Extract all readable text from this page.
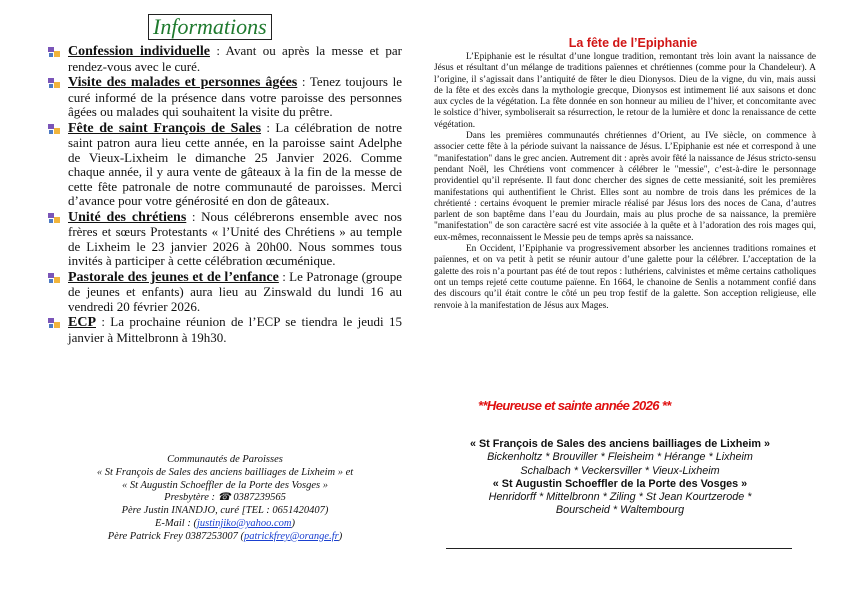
Informations
Confession individuelle : Avant ou après la messe et par rendez-vous avec le curé.
Visite des malades et personnes âgées : Tenez toujours le curé informé de la présence dans votre paroisse des personnes âgées ou malades qui souhaitent la visite du prêtre.
Fête de saint François de Sales : La célébration de notre saint patron aura lieu cette année, en la paroisse saint Adelphe de Vieux-Lixheim le dimanche 25 Janvier 2026. Comme chaque année, il y aura vente de gâteaux à la fin de la messe de cette fête patronale de notre communauté de paroisses. Merci d’avance pour votre générosité en don de gâteaux.
Unité des chrétiens : Nous célébrerons ensemble avec nos frères et sœurs Protestants « l’Unité des Chrétiens » au temple de Lixheim le 23 janvier 2026 à 20h00. Nous sommes tous invités à participer à cette célébration œcuménique.
Pastorale des jeunes et de l’enfance : Le Patronage (groupe de jeunes et enfants) aura lieu au Zinswald du lundi 16 au vendredi 20 février 2026.
ECP : La prochaine réunion de l’ECP se tiendra le jeudi 15 janvier à Mittelbronn à 19h30.
Communautés de Paroisses
« St François de Sales des anciens bailliages de Lixheim » et
« St Augustin Schoeffler de la Porte des Vosges »
Presbytère : ☎ 0387239565
Père Justin INANDJO, curé [TEL : 0651420407)
E-Mail : (justinjiko@yahoo.com)
Père Patrick Frey 0387253007 (patrickfrey@orange.fr)
La fête de l’Epiphanie

L’Epiphanie est le résultat d’une longue tradition, remontant très loin avant la naissance de Jésus et résultant d’un mélange de traditions païennes et chrétiennes (comme pour la Chandeleur). A l’origine, il s’agissait dans l’antiquité de fêter le dieu Dionysos. Dieu de la vigne, du vin, mais aussi de la fête et des excès dans la mythologie grecque, Dionysos est intimement lié aux saisons et donc aux cycles de la végétation. La fête donnée en son honneur au milieu de l’hiver, et concomitante avec le solstice d’hiver, symboliserait sa résurrection, le retour de la lumière et donc la renaissance de cette végétation.

Dans les premières communautés chrétiennes d’Orient, au IVe siècle, on commence à associer cette fête à la période suivant la naissance de Jésus. L’Epiphanie est née et correspond à une "manifestation" dans le grec ancien. Autrement dit : après avoir fêté la naissance de Jésus stricto-sensu pendant Noël, les Chrétiens vont commencer à célébrer le "messie", c’est-à-dire le personnage providentiel qu’il représente. Il faut donc chercher des signes de cette messianité, soit les premières manifestations qui authentifient le Christ. Elles sont au nombre de trois dans les prémices de la chrétienté : certains évoquent le premier miracle réalisé par Jésus lors des noces de Cana, d’autres parlent de son baptême dans l’eau du Jourdain, mais au plus proche de sa naissance, la première "manifestation" de son caractère sacré est vite associée à la quête et à l’adoration des rois mages qui, eux-mêmes, reconnaissent le Messie peu de temps après sa naissance.

En Occident, l’Epiphanie va progressivement absorber les anciennes traditions romaines et païennes, et on va petit à petit se réunir autour d’une galette pour la célébrer. L’acceptation de la galette des rois n’a pourtant pas été de tout repos : luthériens, calvinistes et même certains catholiques ont un temps rejeté cette coutume païenne. En 1664, le chanoine de Senlis a notamment confié dans des discours qu’il était contre le côté un peu trop festif de la galette. Son acception religieuse, elle renvoie à la manifestation de Jésus aux Mages.

**Heureuse et sainte année 2026 **
« St François de Sales des anciens bailliages de Lixheim »
Bickenholtz * Brouviller * Fleisheim * Hérange * Lixheim
Schalbach * Veckersviller * Vieux-Lixheim
« St Augustin Schoeffler de la Porte des Vosges »
Henridorff * Mittelbronn * Ziling * St Jean Kourtzerode *
Bourscheid * Waltembourg
